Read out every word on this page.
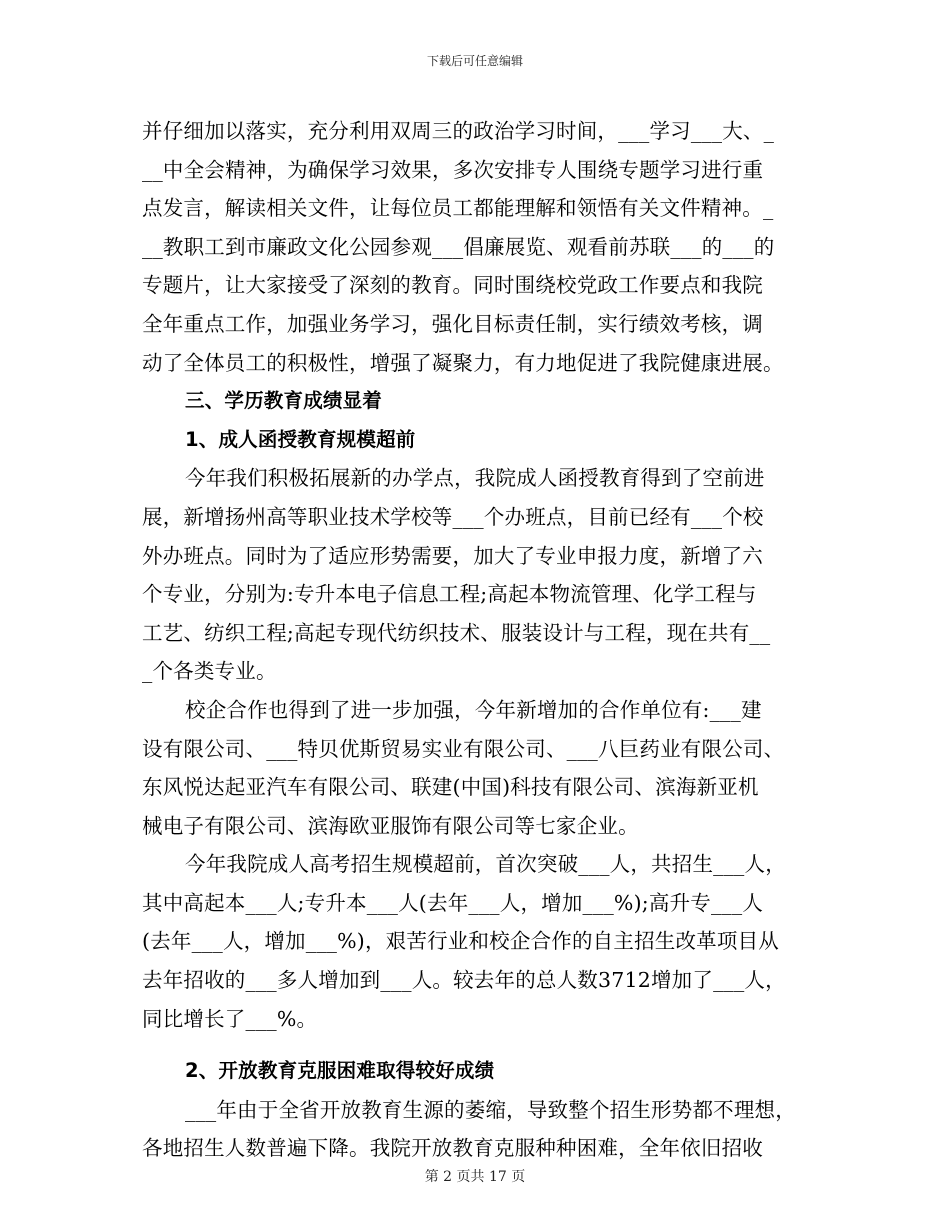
下载后可任意编辑
并仔细加以落实，充分利用双周三的政治学习时间，___学习___大、_
__中全会精神，为确保学习效果，多次安排专人围绕专题学习进行重
点发言，解读相关文件，让每位员工都能理解和领悟有关文件精神。_
__教职工到市廉政文化公园参观___倡廉展览、观看前苏联___的___的
专题片，让大家接受了深刻的教育。同时围绕校党政工作要点和我院
全年重点工作，加强业务学习，强化目标责任制，实行绩效考核，调
动了全体员工的积极性，增强了凝聚力，有力地促进了我院健康进展。
三、学历教育成绩显着
1、成人函授教育规模超前
今年我们积极拓展新的办学点，我院成人函授教育得到了空前进
展，新增扬州高等职业技术学校等___个办班点，目前已经有___个校
外办班点。同时为了适应形势需要，加大了专业申报力度，新增了六
个专业，分别为:专升本电子信息工程;高起本物流管理、化学工程与
工艺、纺织工程;高起专现代纺织技术、服装设计与工程，现在共有__
_个各类专业。
校企合作也得到了进一步加强，今年新增加的合作单位有:___建
设有限公司、___特贝优斯贸易实业有限公司、___八巨药业有限公司、
东风悦达起亚汽车有限公司、联建(中国)科技有限公司、滨海新亚机
械电子有限公司、滨海欧亚服饰有限公司等七家企业。
今年我院成人高考招生规模超前，首次突破___人，共招生___人，
其中高起本___人;专升本___人(去年___人，增加___%);高升专___人
(去年___人，增加___%)，艰苦行业和校企合作的自主招生改革项目从
去年招收的___多人增加到___人。较去年的总人数3712增加了___人，
同比增长了___%。
2、开放教育克服困难取得较好成绩
___年由于全省开放教育生源的萎缩，导致整个招生形势都不理想，
各地招生人数普遍下降。我院开放教育克服种种困难，全年依旧招收
第 2 页共 17 页
